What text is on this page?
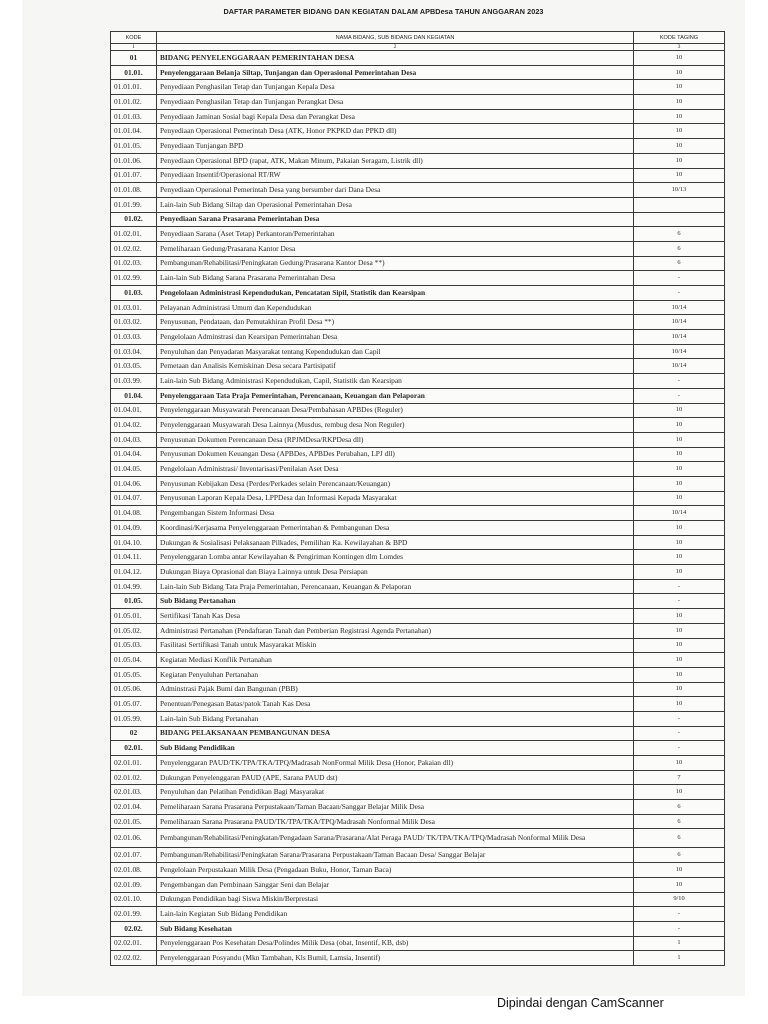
DAFTAR PARAMETER BIDANG DAN KEGIATAN DALAM APBDesa TAHUN ANGGARAN 2023
KODE	NAMA BIDANG, SUB BIDANG DAN KEGIATAN	KODE TAGING
1	2	3
01	BIDANG PENYELENGGARAAN PEMERINTAHAN DESA	10
01.01.	Penyelenggaraan Belanja Siltap, Tunjangan dan Operasional Pemerintahan Desa	10
01.01.01.	Penyediaan Penghasilan Tetap dan Tunjangan Kepala Desa	10
01.01.02.	Penyediaan Penghasilan Tetap dan Tunjangan Perangkat Desa	10
01.01.03.	Penyediaan Jaminan Sosial bagi Kepala Desa dan Perangkat Desa	10
01.01.04.	Penyediaan Operasional Pemerintah Desa (ATK, Honor PKPKD dan PPKD dll)	10
01.01.05.	Penyediaan Tunjangan BPD	10
01.01.06.	Penyediaan Operasional BPD (rapat, ATK, Makan Minum, Pakaian Seragam, Listrik dll)	10
01.01.07.	Penyediaan Insentif/Operasional RT/RW	10
01.01.08.	Penyediaan Operasional Pemerintah Desa yang bersumber dari Dana Desa	10/13
01.01.99.	Lain-lain Sub Bidang Siltap dan Operasional Pemerintahan Desa	
01.02.	Penyediaan Sarana Prasarana Pemerintahan Desa	
01.02.01.	Penyediaan Sarana (Aset Tetap) Perkantoran/Pemerintahan	6
01.02.02.	Pemeliharaan Gedung/Prasarana Kantor Desa	6
01.02.03.	Pembangunan/Rehabilitasi/Peningkatan Gedung/Prasarana Kantor Desa **)	6
01.02.99.	Lain-lain Sub Bidang Sarana Prasarana Pemerintahan Desa	-
01.03.	Pengelolaan Administrasi Kependudukan, Pencatatan Sipil, Statistik dan Kearsipan	-
01.03.01.	Pelayanan Administrasi Umum dan Kependudukan	10/14
01.03.02.	Penyusunan, Pendataan, dan Pemutakhiran Profil Desa **)	10/14
01.03.03.	Pengelolaan Adminstrasi dan Kearsipan Pemerintahan Desa	10/14
01.03.04.	Penyuluhan dan Penyadaran Masyarakat tentang Kependudukan dan Capil	10/14
01.03.05.	Pemetaan dan Analisis Kemiskinan Desa secara Partisipatif	10/14
01.03.99.	Lain-lain Sub Bidang Administrasi Kependudukan, Capil, Statistik dan Kearsipan	-
01.04.	Penyelenggaraan Tata Praja Pemerintahan, Perencanaan, Keuangan dan Pelaporan	-
01.04.01.	Penyelenggaraan Musyawarah Perencanaan Desa/Pembahasan APBDes (Reguler)	10
01.04.02.	Penyelenggaraan Musyawarah Desa Lainnya (Musdus, rembug desa Non Reguler)	10
01.04.03.	Penyusunan Dokumen Perencanaan Desa (RPJMDesa/RKPDesa dll)	10
01.04.04.	Penyusunan Dokumen Keuangan Desa (APBDes, APBDes Perubahan, LPJ dll)	10
01.04.05.	Pengelolaan Administrasi/ Inventarisasi/Penilaian Aset Desa	10
01.04.06.	Penyusunan Kebijakan Desa (Perdes/Perkades selain Perencanaan/Keuangan)	10
01.04.07.	Penyusunan Laporan Kepala Desa, LPPDesa dan Informasi Kepada Masyarakat	10
01.04.08.	Pengembangan Sistem Informasi Desa	10/14
01.04.09.	Koordinasi/Kerjasama Penyelenggaraan Pemerintahan & Pembangunan Desa	10
01.04.10.	Dukungan & Sosialisasi Pelaksanaan Pilkades, Pemilihan Ka. Kewilayahan & BPD	10
01.04.11.	Penyelenggaran Lomba antar Kewilayahan & Pengiriman Kontingen dlm Lomdes	10
01.04.12.	Dukungan Biaya Oprasional dan Biaya Lainnya untuk Desa Persiapan	10
01.04.99.	Lain-lain Sub Bidang Tata Praja Pemerintahan, Perencanaan, Keuangan & Pelaporan	-
01.05.	Sub Bidang Pertanahan	-
01.05.01.	Sertifikasi Tanah Kas Desa	10
01.05.02.	Administrasi Pertanahan (Pendaftaran Tanah dan Pemberian Registrasi Agenda Pertanahan)	10
01.05.03.	Fasilitasi Sertifikasi Tanah untuk Masyarakat Miskin	10
01.05.04.	Kegiatan Mediasi Konflik Pertanahan	10
01.05.05.	Kegiatan Penyuluhan Pertanahan	10
01.05.06.	Adminstrasi Pajak Bumi dan Bangunan (PBB)	10
01.05.07.	Penentuan/Penegasan Batas/patok Tanah Kas Desa	10
01.05.99.	Lain-lain Sub Bidang Pertanahan	-
02	BIDANG PELAKSANAAN PEMBANGUNAN DESA	-
02.01.	Sub Bidang Pendidikan	-
02.01.01.	Penyelenggaran PAUD/TK/TPA/TKA/TPQ/Madrasah NonFormal Milik Desa (Honor, Pakaian dll)	10
02.01.02.	Dukungan Penyelenggaran PAUD (APE, Sarana PAUD dst)	7
02.01.03.	Penyuluhan dan Pelatihan Pendidikan Bagi Masyarakat	10
02.01.04.	Pemeliharaan Sarana Prasarana Perpustakaan/Taman Bacaan/Sanggar Belajar Milik Desa	6
02.01.05.	Pemeliharaan Sarana Prasarana PAUD/TK/TPA/TKA/TPQ/Madrasah Nonformal Milik Desa	6
02.01.06.	Pembangunan/Rehabilitasi/Peningkatan/Pengadaan Sarana/Prasarana/Alat Peraga PAUD/ TK/TPA/TKA/TPQ/Madrasah Nonformal Milik Desa	6
02.01.07.	Pembangunan/Rehabilitasi/Peningkatan Sarana/Prasarana Perpustakaan/Taman Bacaan Desa/ Sanggar Belajar	6
02.01.08.	Pengelolaan Perpustakaan Milik Desa (Pengadaan Buku, Honor, Taman Baca)	10
02.01.09.	Pengembangan dan Pembinaan Sanggar Seni dan Belajar	10
02.01.10.	Dukungan Pendidikan bagi Siswa Miskin/Berprestasi	9/10
02.01.99.	Lain-lain Kegiatan Sub Bidang Pendidikan	-
02.02.	Sub Bidang Kesehatan	-
02.02.01.	Penyelenggaraan Pos Kesehatan Desa/Polindes Milik Desa (obat, Insentif, KB, dsb)	1
02.02.02.	Penyelenggaraan Posyandu (Mkn Tambahan, Kls Bumil, Lamsia, Insentif)	1
Dipindai dengan CamScanner
